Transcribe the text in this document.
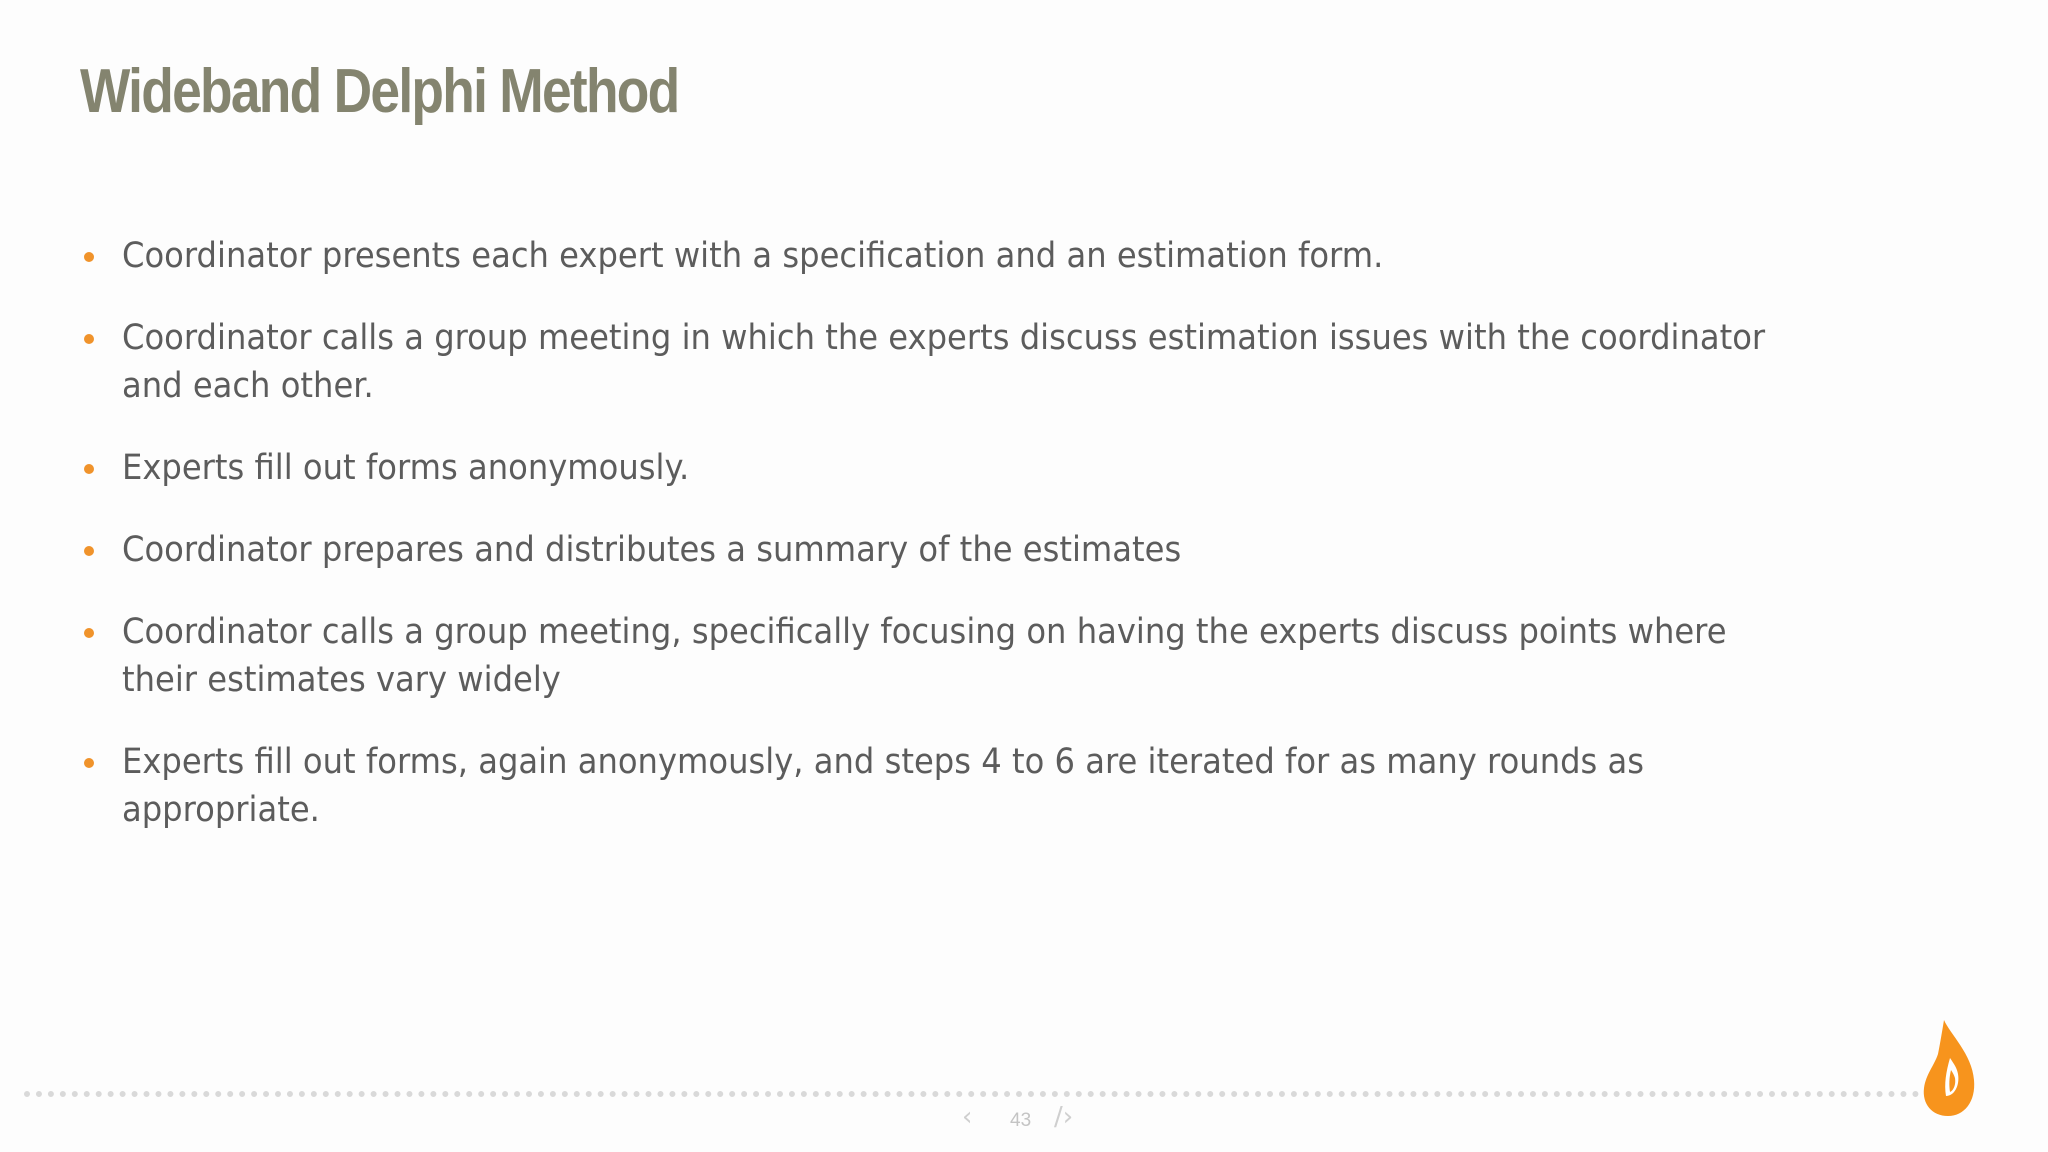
Wideband Delphi Method
Coordinator presents each expert with a specification and an estimation form.
Coordinator calls a group meeting in which the experts discuss estimation issues with the coordinator and each other.
Experts fill out forms anonymously.
Coordinator prepares and distributes a summary of the estimates
Coordinator calls a group meeting, specifically focusing on having the experts discuss points where their estimates vary widely
Experts fill out forms, again anonymously, and steps 4 to 6 are iterated for as many rounds as appropriate.
‹ 43 /›
